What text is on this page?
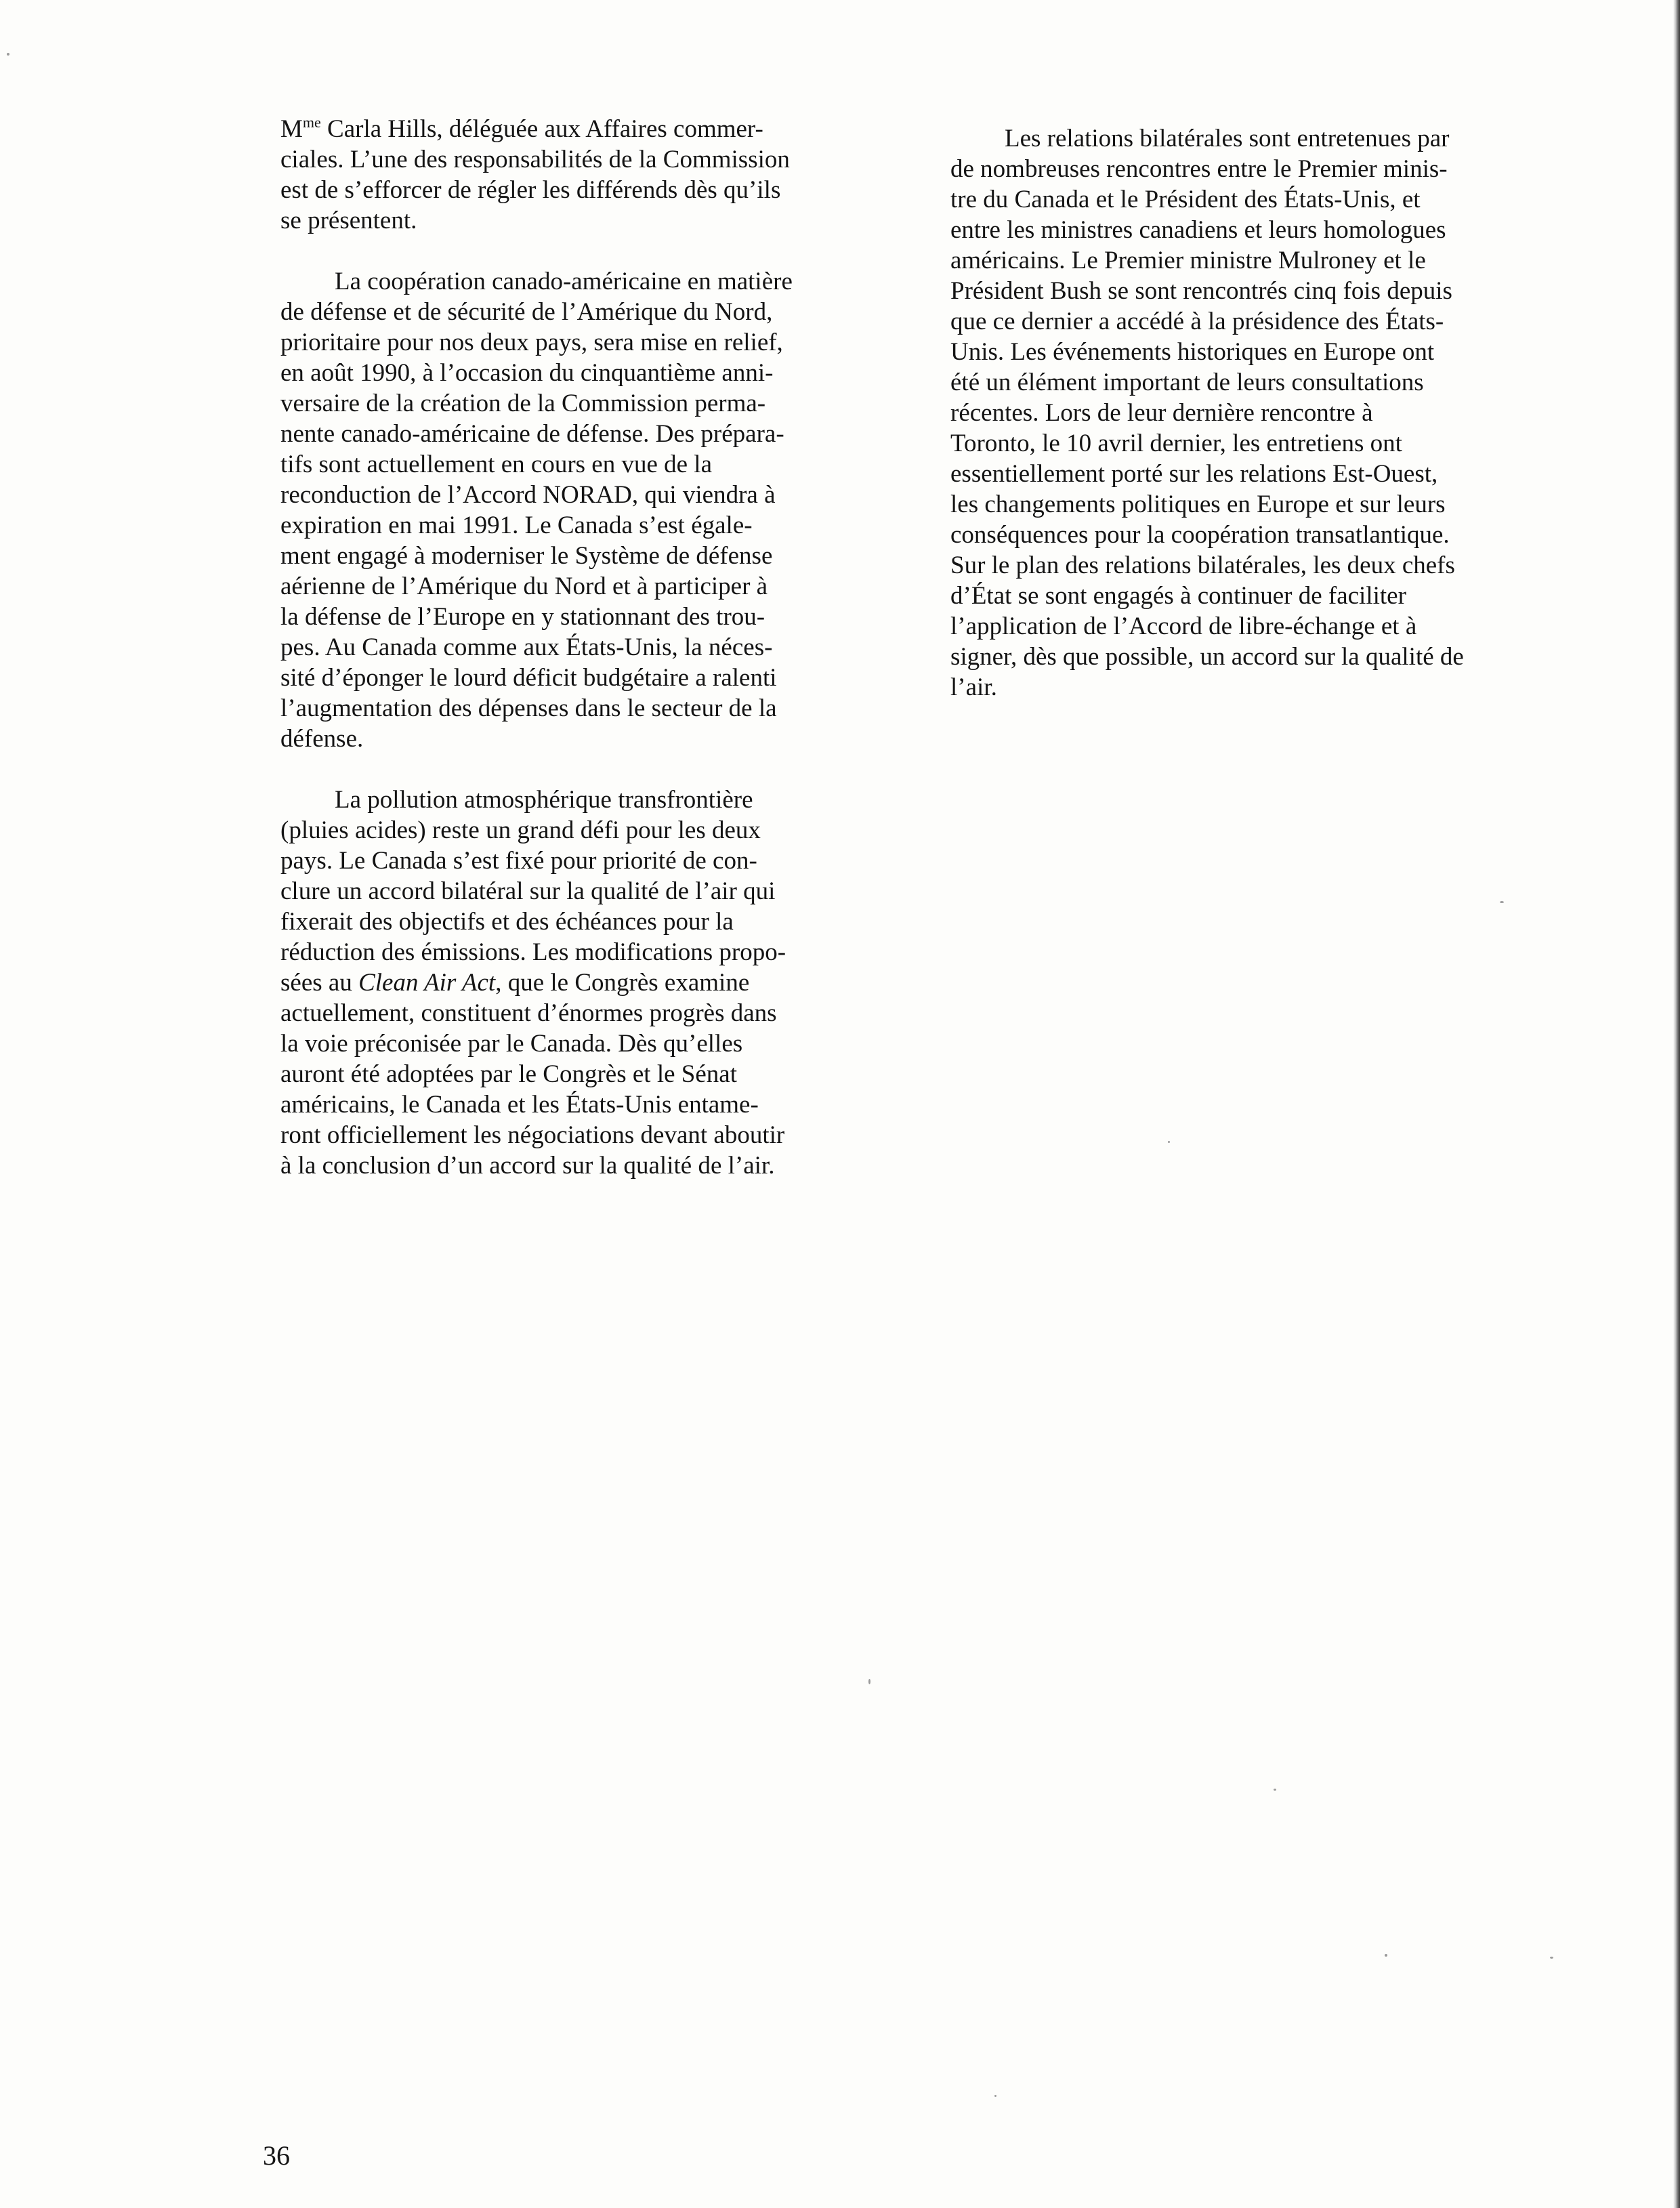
$M^{me}$ Carla Hills, déléguée aux Affaires commer-
ciales. L’une des responsabilités de la Commission
est de s’efforcer de régler les différends dès qu’ils
se présentent.
La coopération canado-américaine en matière
de défense et de sécurité de l’Amérique du Nord,
prioritaire pour nos deux pays, sera mise en relief,
en août 1990, à l’occasion du cinquantième anni-
versaire de la création de la Commission perma-
nente canado-américaine de défense. Des prépara-
tifs sont actuellement en cours en vue de la
reconduction de l’Accord NORAD, qui viendra à
expiration en mai 1991. Le Canada s’est égale-
ment engagé à moderniser le Système de défense
aérienne de l’Amérique du Nord et à participer à
la défense de l’Europe en y stationnant des trou-
pes. Au Canada comme aux États-Unis, la néces-
sité d’éponger le lourd déficit budgétaire a ralenti
l’augmentation des dépenses dans le secteur de la
défense.
La pollution atmosphérique transfrontière
(pluies acides) reste un grand défi pour les deux
pays. Le Canada s’est fixé pour priorité de con-
clure un accord bilatéral sur la qualité de l’air qui
fixerait des objectifs et des échéances pour la
réduction des émissions. Les modifications propo-
sées au Clean Air Act, que le Congrès examine
actuellement, constituent d’énormes progrès dans
la voie préconisée par le Canada. Dès qu’elles
auront été adoptées par le Congrès et le Sénat
américains, le Canada et les États-Unis entame-
ront officiellement les négociations devant aboutir
à la conclusion d’un accord sur la qualité de l’air.
Les relations bilatérales sont entretenues par
de nombreuses rencontres entre le Premier minis-
tre du Canada et le Président des États-Unis, et
entre les ministres canadiens et leurs homologues
américains. Le Premier ministre Mulroney et le
Président Bush se sont rencontrés cinq fois depuis
que ce dernier a accédé à la présidence des États-
Unis. Les événements historiques en Europe ont
été un élément important de leurs consultations
récentes. Lors de leur dernière rencontre à
Toronto, le 10 avril dernier, les entretiens ont
essentiellement porté sur les relations Est-Ouest,
les changements politiques en Europe et sur leurs
conséquences pour la coopération transatlantique.
Sur le plan des relations bilatérales, les deux chefs
d’État se sont engagés à continuer de faciliter
l’application de l’Accord de libre-échange et à
signer, dès que possible, un accord sur la qualité de
l’air.
36
